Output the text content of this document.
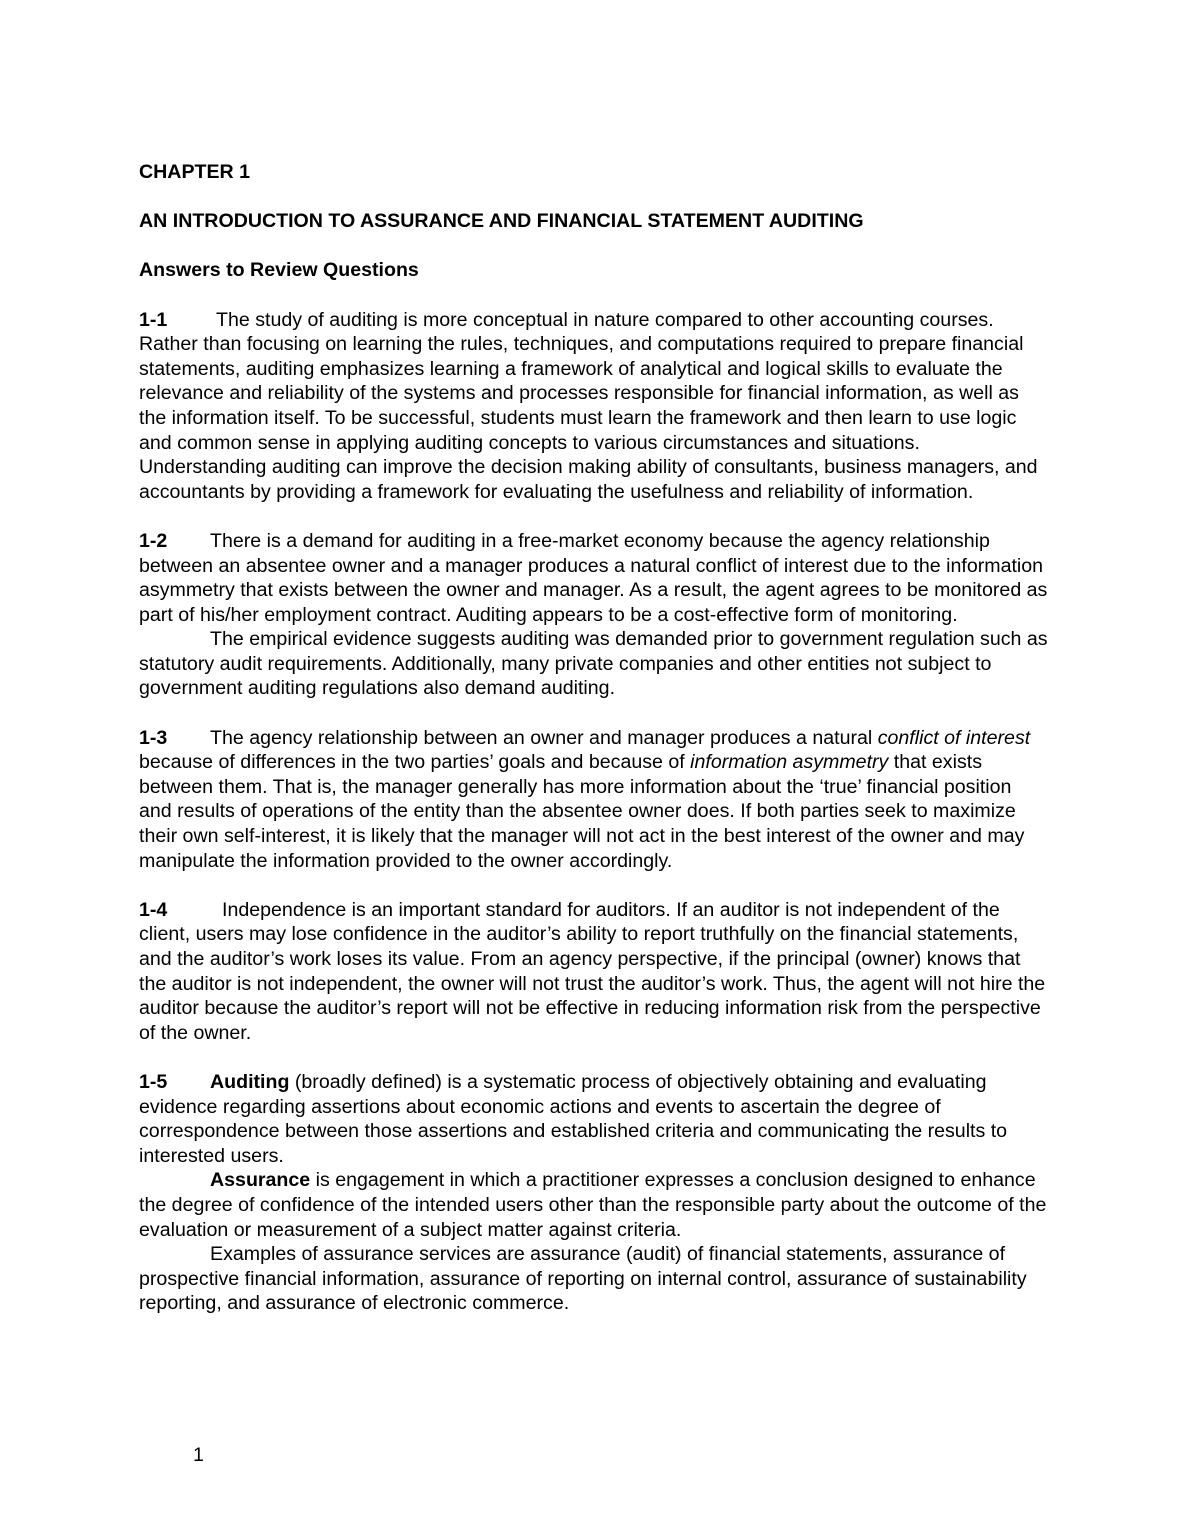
CHAPTER 1

AN INTRODUCTION TO ASSURANCE AND FINANCIAL STATEMENT AUDITING

Answers to Review Questions

1-1 The study of auditing is more conceptual in nature compared to other accounting courses. Rather than focusing on learning the rules, techniques, and computations required to prepare financial statements, auditing emphasizes learning a framework of analytical and logical skills to evaluate the relevance and reliability of the systems and processes responsible for financial information, as well as the information itself. To be successful, students must learn the framework and then learn to use logic and common sense in applying auditing concepts to various circumstances and situations.

Understanding auditing can improve the decision making ability of consultants, business managers, and accountants by providing a framework for evaluating the usefulness and reliability of information.

1-2 There is a demand for auditing in a free-market economy because the agency relationship between an absentee owner and a manager produces a natural conflict of interest due to the information asymmetry that exists between the owner and manager. As a result, the agent agrees to be monitored as part of his/her employment contract. Auditing appears to be a cost-effective form of monitoring.

The empirical evidence suggests auditing was demanded prior to government regulation such as statutory audit requirements. Additionally, many private companies and other entities not subject to government auditing regulations also demand auditing.

1-3 The agency relationship between an owner and manager produces a natural conflict of interest because of differences in the two parties’ goals and because of information asymmetry that exists between them. That is, the manager generally has more information about the ‘true’ financial position and results of operations of the entity than the absentee owner does. If both parties seek to maximize their own self-interest, it is likely that the manager will not act in the best interest of the owner and may manipulate the information provided to the owner accordingly.

1-4	Independence is an important standard for auditors. If an auditor is not independent of the client, users may lose confidence in the auditor’s ability to report truthfully on the financial statements, and the auditor’s work loses its value. From an agency perspective, if the principal (owner) knows that the auditor is not independent, the owner will not trust the auditor’s work. Thus, the agent will not hire the auditor because the auditor’s report will not be effective in reducing information risk from the perspective of the owner.

1-5 Auditing (broadly defined) is a systematic process of objectively obtaining and evaluating evidence regarding assertions about economic actions and events to ascertain the degree of correspondence between those assertions and established criteria and communicating the results to interested users.

Assurance is engagement in which a practitioner expresses a conclusion designed to enhance the degree of confidence of the intended users other than the responsible party about the outcome of the evaluation or measurement of a subject matter against criteria.

Examples of assurance services are assurance (audit) of financial statements, assurance of prospective financial information, assurance of reporting on internal control, assurance of sustainability reporting, and assurance of electronic commerce.

1
